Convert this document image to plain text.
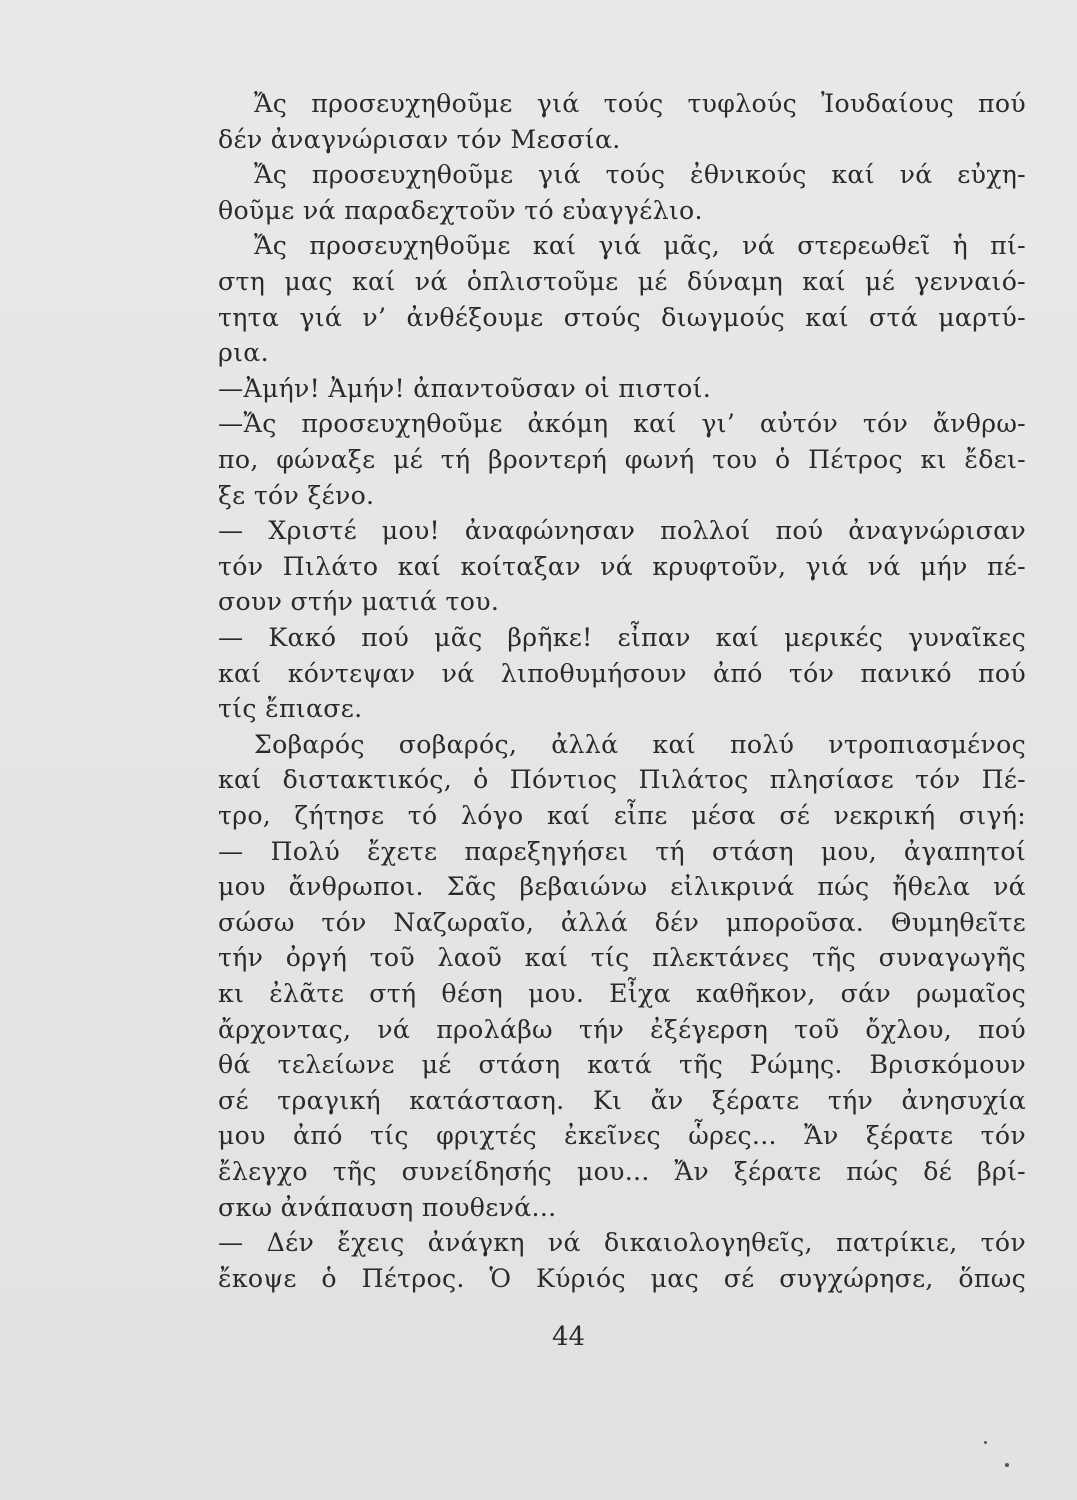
Ἄς προσευχηθοῦμε γιά τούς τυφλούς Ἰουδαίους πού
δέν ἀναγνώρισαν τόν Μεσσία.
Ἄς προσευχηθοῦμε γιά τούς ἐθνικούς καί νά εὐχη-
θοῦμε νά παραδεχτοῦν τό εὐαγγέλιο.
Ἄς προσευχηθοῦμε καί γιά μᾶς, νά στερεωθεῖ ἡ πί-
στη μας καί νά ὁπλιστοῦμε μέ δύναμη καί μέ γενναιό-
τητα γιά ν’ ἀνθέξουμε στούς διωγμούς καί στά μαρτύ-
ρια.
—Ἀμήν! Ἀμήν! ἀπαντοῦσαν οἱ πιστοί.
—Ἄς προσευχηθοῦμε ἀκόμη καί γι’ αὐτόν τόν ἄνθρω-
πο, φώναξε μέ τή βροντερή φωνή του ὁ Πέτρος κι ἔδει-
ξε τόν ξένο.
— Χριστέ μου! ἀναφώνησαν πολλοί πού ἀναγνώρισαν
τόν Πιλάτο καί κοίταξαν νά κρυφτοῦν, γιά νά μήν πέ-
σουν στήν ματιά του.
— Κακό πού μᾶς βρῆκε! εἶπαν καί μερικές γυναῖκες
καί κόντεψαν νά λιποθυμήσουν ἀπό τόν πανικό πού
τίς ἔπιασε.
Σοβαρός σοβαρός, ἀλλά καί πολύ ντροπιασμένος
καί διστακτικός, ὁ Πόντιος Πιλάτος πλησίασε τόν Πέ-
τρο, ζήτησε τό λόγο καί εἶπε μέσα σέ νεκρική σιγή:
— Πολύ ἔχετε παρεξηγήσει τή στάση μου, ἀγαπητοί
μου ἄνθρωποι. Σᾶς βεβαιώνω εἰλικρινά πώς ἤθελα νά
σώσω τόν Ναζωραῖο, ἀλλά δέν μποροῦσα. Θυμηθεῖτε
τήν ὀργή τοῦ λαοῦ καί τίς πλεκτάνες τῆς συναγωγῆς
κι ἐλᾶτε στή θέση μου. Εἶχα καθῆκον, σάν ρωμαῖος
ἄρχοντας, νά προλάβω τήν ἐξέγερση τοῦ ὄχλου, πού
θά τελείωνε μέ στάση κατά τῆς Ρώμης. Βρισκόμουν
σέ τραγική κατάσταση. Κι ἄν ξέρατε τήν ἀνησυχία
μου ἀπό τίς φριχτές ἐκεῖνες ὧρες... Ἄν ξέρατε τόν
ἔλεγχο τῆς συνείδησής μου... Ἄν ξέρατε πώς δέ βρί-
σκω ἀνάπαυση πουθενά...
— Δέν ἔχεις ἀνάγκη νά δικαιολογηθεῖς, πατρίκιε, τόν
ἔκοψε ὁ Πέτρος. Ὁ Κύριός μας σέ συγχώρησε, ὅπως
44
